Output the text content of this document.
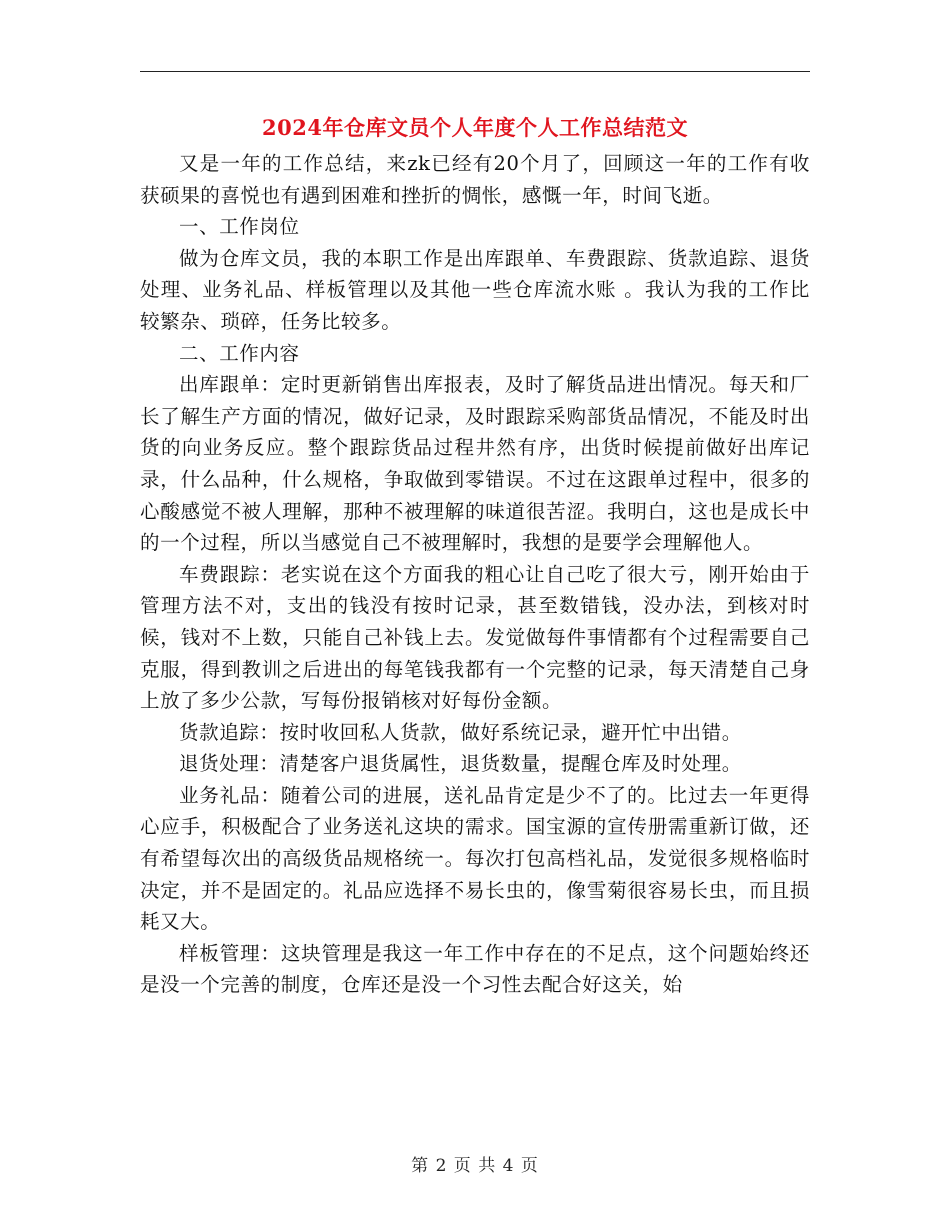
2024年仓库文员个人年度个人工作总结范文

又是一年的工作总结，来zk已经有20个月了，回顾这一年的工作有收获硕果的喜悦也有遇到困难和挫折的惆怅，感慨一年，时间飞逝。

一、工作岗位

做为仓库文员，我的本职工作是出库跟单、车费跟踪、货款追踪、退货处理、业务礼品、样板管理以及其他一些仓库流水账 。我认为我的工作比较繁杂、琐碎，任务比较多。

二、工作内容

出库跟单：定时更新销售出库报表，及时了解货品进出情况。每天和厂长了解生产方面的情况，做好记录，及时跟踪采购部货品情况，不能及时出货的向业务反应。整个跟踪货品过程井然有序，出货时候提前做好出库记录，什么品种，什么规格，争取做到零错误。不过在这跟单过程中，很多的心酸感觉不被人理解，那种不被理解的味道很苦涩。我明白，这也是成长中的一个过程，所以当感觉自己不被理解时，我想的是要学会理解他人。

车费跟踪：老实说在这个方面我的粗心让自己吃了很大亏，刚开始由于管理方法不对，支出的钱没有按时记录，甚至数错钱，没办法，到核对时候，钱对不上数，只能自己补钱上去。发觉做每件事情都有个过程需要自己克服，得到教训之后进出的每笔钱我都有一个完整的记录，每天清楚自己身上放了多少公款，写每份报销核对好每份金额。

货款追踪：按时收回私人货款，做好系统记录，避开忙中出错。

退货处理：清楚客户退货属性，退货数量，提醒仓库及时处理。

业务礼品：随着公司的进展，送礼品肯定是少不了的。比过去一年更得心应手，积极配合了业务送礼这块的需求。国宝源的宣传册需重新订做，还有希望每次出的高级货品规格统一。每次打包高档礼品，发觉很多规格临时决定，并不是固定的。礼品应选择不易长虫的，像雪菊很容易长虫，而且损耗又大。

样板管理：这块管理是我这一年工作中存在的不足点，这个问题始终还是没一个完善的制度，仓库还是没一个习性去配合好这关，始

第 2 页 共 4 页
